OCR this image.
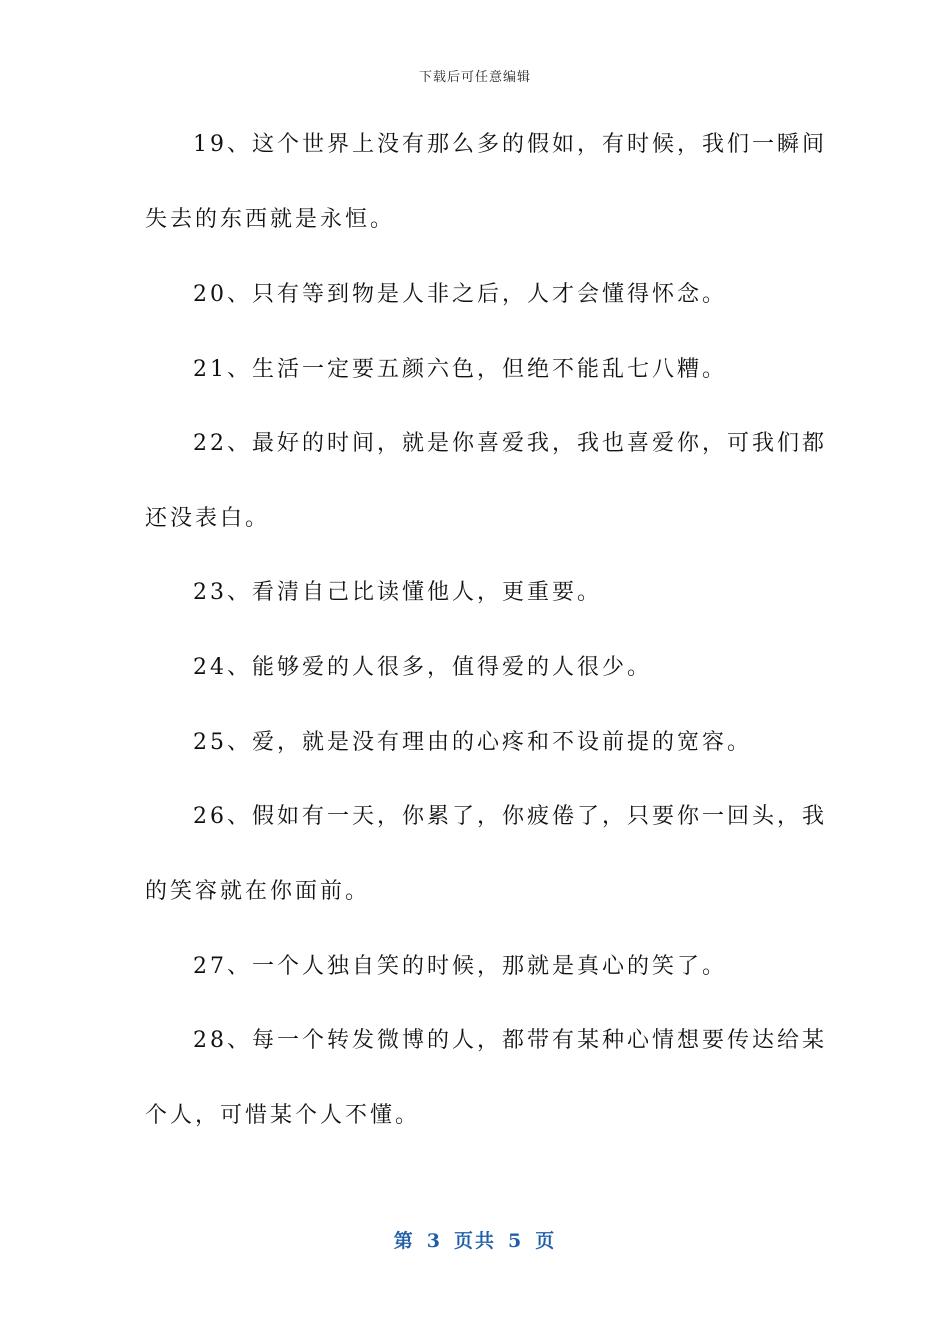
下载后可任意编辑
19、这个世界上没有那么多的假如，有时候，我们一瞬间
失去的东西就是永恒。
20、只有等到物是人非之后，人才会懂得怀念。
21、生活一定要五颜六色，但绝不能乱七八糟。
22、最好的时间，就是你喜爱我，我也喜爱你，可我们都
还没表白。
23、看清自己比读懂他人，更重要。
24、能够爱的人很多，值得爱的人很少。
25、爱，就是没有理由的心疼和不设前提的宽容。
26、假如有一天，你累了，你疲倦了，只要你一回头，我
的笑容就在你面前。
27、一个人独自笑的时候，那就是真心的笑了。
28、每一个转发微博的人，都带有某种心情想要传达给某
个人，可惜某个人不懂。
第 3 页共 5 页
